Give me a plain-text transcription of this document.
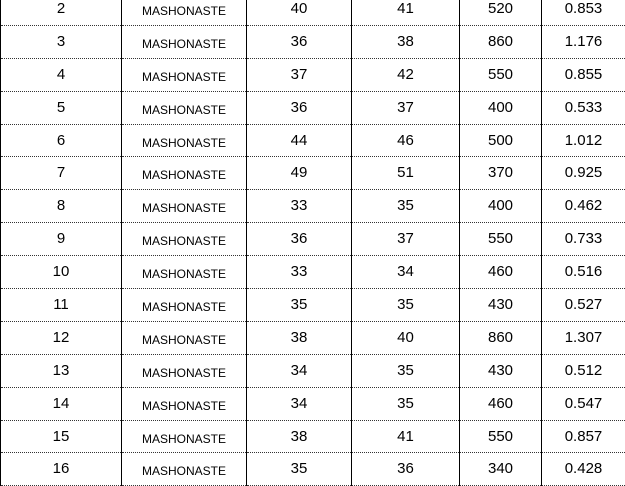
2	MASHONASTE	40	41	520	0.853
3	MASHONASTE	36	38	860	1.176
4	MASHONASTE	37	42	550	0.855
5	MASHONASTE	36	37	400	0.533
6	MASHONASTE	44	46	500	1.012
7	MASHONASTE	49	51	370	0.925
8	MASHONASTE	33	35	400	0.462
9	MASHONASTE	36	37	550	0.733
10	MASHONASTE	33	34	460	0.516
11	MASHONASTE	35	35	430	0.527
12	MASHONASTE	38	40	860	1.307
13	MASHONASTE	34	35	430	0.512
14	MASHONASTE	34	35	460	0.547
15	MASHONASTE	38	41	550	0.857
16	MASHONASTE	35	36	340	0.428
